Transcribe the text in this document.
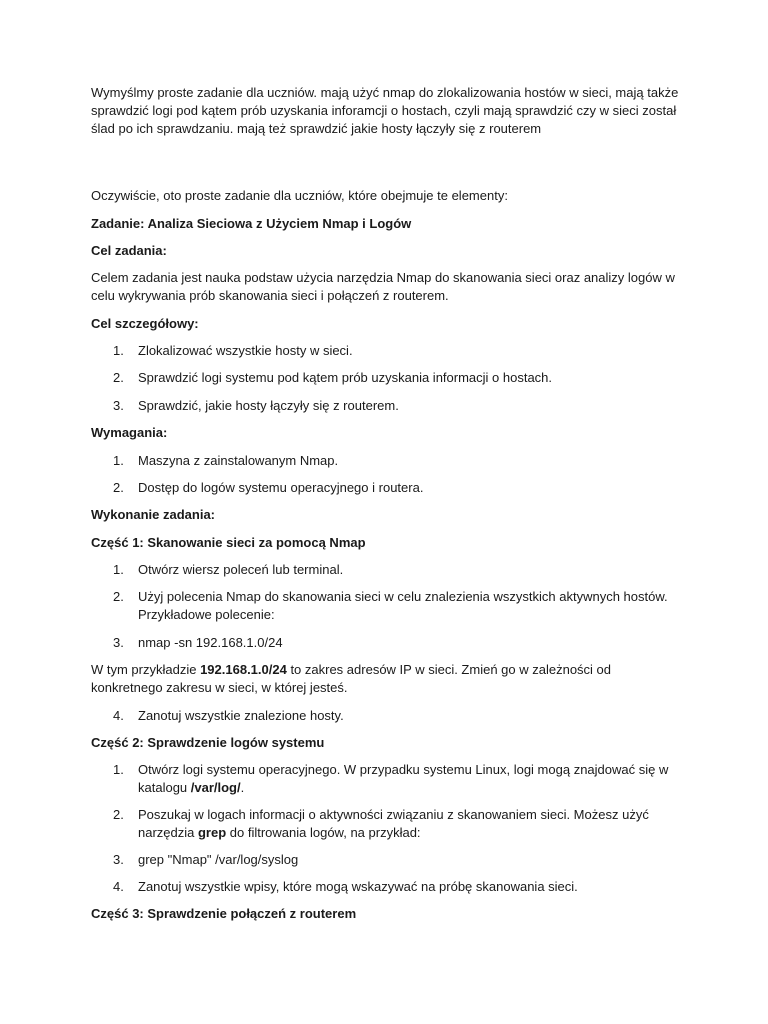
Wymyślmy proste zadanie dla uczniów. mają użyć nmap do zlokalizowania hostów w sieci, mają także
sprawdzić logi pod kątem prób uzyskania inforamcji o hostach, czyli mają sprawdzić czy w sieci został
ślad po ich sprawdzaniu. mają też sprawdzić jakie hosty łączyły się z routerem
Oczywiście, oto proste zadanie dla uczniów, które obejmuje te elementy:
Zadanie: Analiza Sieciowa z Użyciem Nmap i Logów
Cel zadania:
Celem zadania jest nauka podstaw użycia narzędzia Nmap do skanowania sieci oraz analizy logów w
celu wykrywania prób skanowania sieci i połączeń z routerem.
Cel szczegółowy:
1.	Zlokalizować wszystkie hosty w sieci.
2.	Sprawdzić logi systemu pod kątem prób uzyskania informacji o hostach.
3.	Sprawdzić, jakie hosty łączyły się z routerem.
Wymagania:
1.	Maszyna z zainstalowanym Nmap.
2.	Dostęp do logów systemu operacyjnego i routera.
Wykonanie zadania:
Część 1: Skanowanie sieci za pomocą Nmap
1.	Otwórz wiersz poleceń lub terminal.
2.	Użyj polecenia Nmap do skanowania sieci w celu znalezienia wszystkich aktywnych hostów.
Przykładowe polecenie:
3.	nmap -sn 192.168.1.0/24
W tym przykładzie 192.168.1.0/24 to zakres adresów IP w sieci. Zmień go w zależności od
konkretnego zakresu w sieci, w której jesteś.
4.	Zanotuj wszystkie znalezione hosty.
Część 2: Sprawdzenie logów systemu
1.	Otwórz logi systemu operacyjnego. W przypadku systemu Linux, logi mogą znajdować się w
katalogu /var/log/.
2.	Poszukaj w logach informacji o aktywności związaniu z skanowaniem sieci. Możesz użyć
narzędzia grep do filtrowania logów, na przykład:
3.	grep "Nmap" /var/log/syslog
4.	Zanotuj wszystkie wpisy, które mogą wskazywać na próbę skanowania sieci.
Część 3: Sprawdzenie połączeń z routerem
